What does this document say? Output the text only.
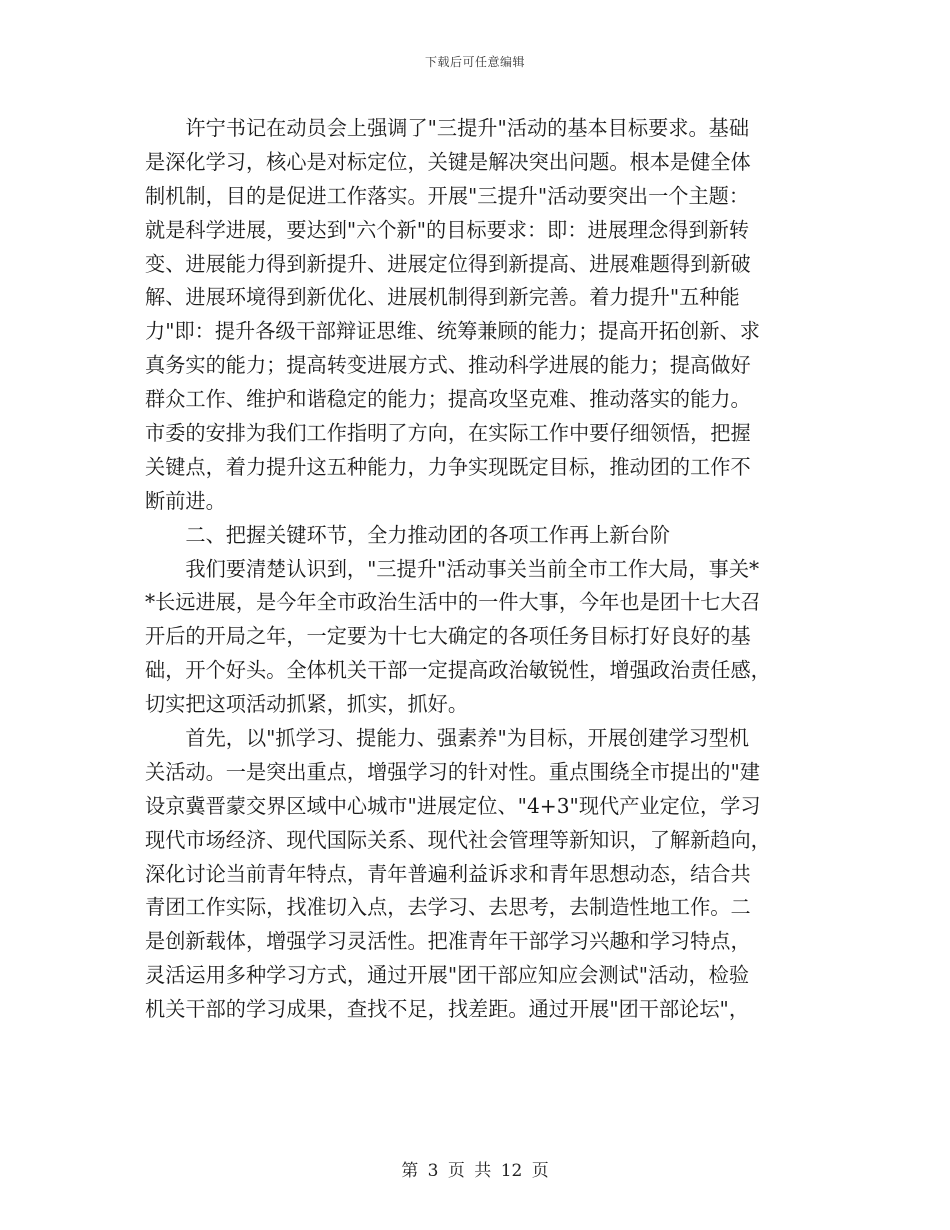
下载后可任意编辑
　　许宁书记在动员会上强调了"三提升"活动的基本目标要求。基础
是深化学习，核心是对标定位，关键是解决突出问题。根本是健全体
制机制，目的是促进工作落实。开展"三提升"活动要突出一个主题：
就是科学进展，要达到"六个新"的目标要求：即：进展理念得到新转
变、进展能力得到新提升、进展定位得到新提高、进展难题得到新破
解、进展环境得到新优化、进展机制得到新完善。着力提升"五种能
力"即：提升各级干部辩证思维、统筹兼顾的能力；提高开拓创新、求
真务实的能力；提高转变进展方式、推动科学进展的能力；提高做好
群众工作、维护和谐稳定的能力；提高攻坚克难、推动落实的能力。
市委的安排为我们工作指明了方向，在实际工作中要仔细领悟，把握
关键点，着力提升这五种能力，力争实现既定目标，推动团的工作不
断前进。
　　二、把握关键环节，全力推动团的各项工作再上新台阶
　　我们要清楚认识到，"三提升"活动事关当前全市工作大局，事关*
*长远进展，是今年全市政治生活中的一件大事，今年也是团十七大召
开后的开局之年，一定要为十七大确定的各项任务目标打好良好的基
础，开个好头。全体机关干部一定提高政治敏锐性，增强政治责任感，
切实把这项活动抓紧，抓实，抓好。
　　首先，以"抓学习、提能力、强素养"为目标，开展创建学习型机
关活动。一是突出重点，增强学习的针对性。重点围绕全市提出的"建
设京冀晋蒙交界区域中心城市"进展定位、"4+3"现代产业定位，学习
现代市场经济、现代国际关系、现代社会管理等新知识，了解新趋向，
深化讨论当前青年特点，青年普遍利益诉求和青年思想动态，结合共
青团工作实际，找准切入点，去学习、去思考，去制造性地工作。二
是创新载体，增强学习灵活性。把准青年干部学习兴趣和学习特点，
灵活运用多种学习方式，通过开展"团干部应知应会测试"活动，检验
机关干部的学习成果，查找不足，找差距。通过开展"团干部论坛"，
第 3 页 共 12 页
